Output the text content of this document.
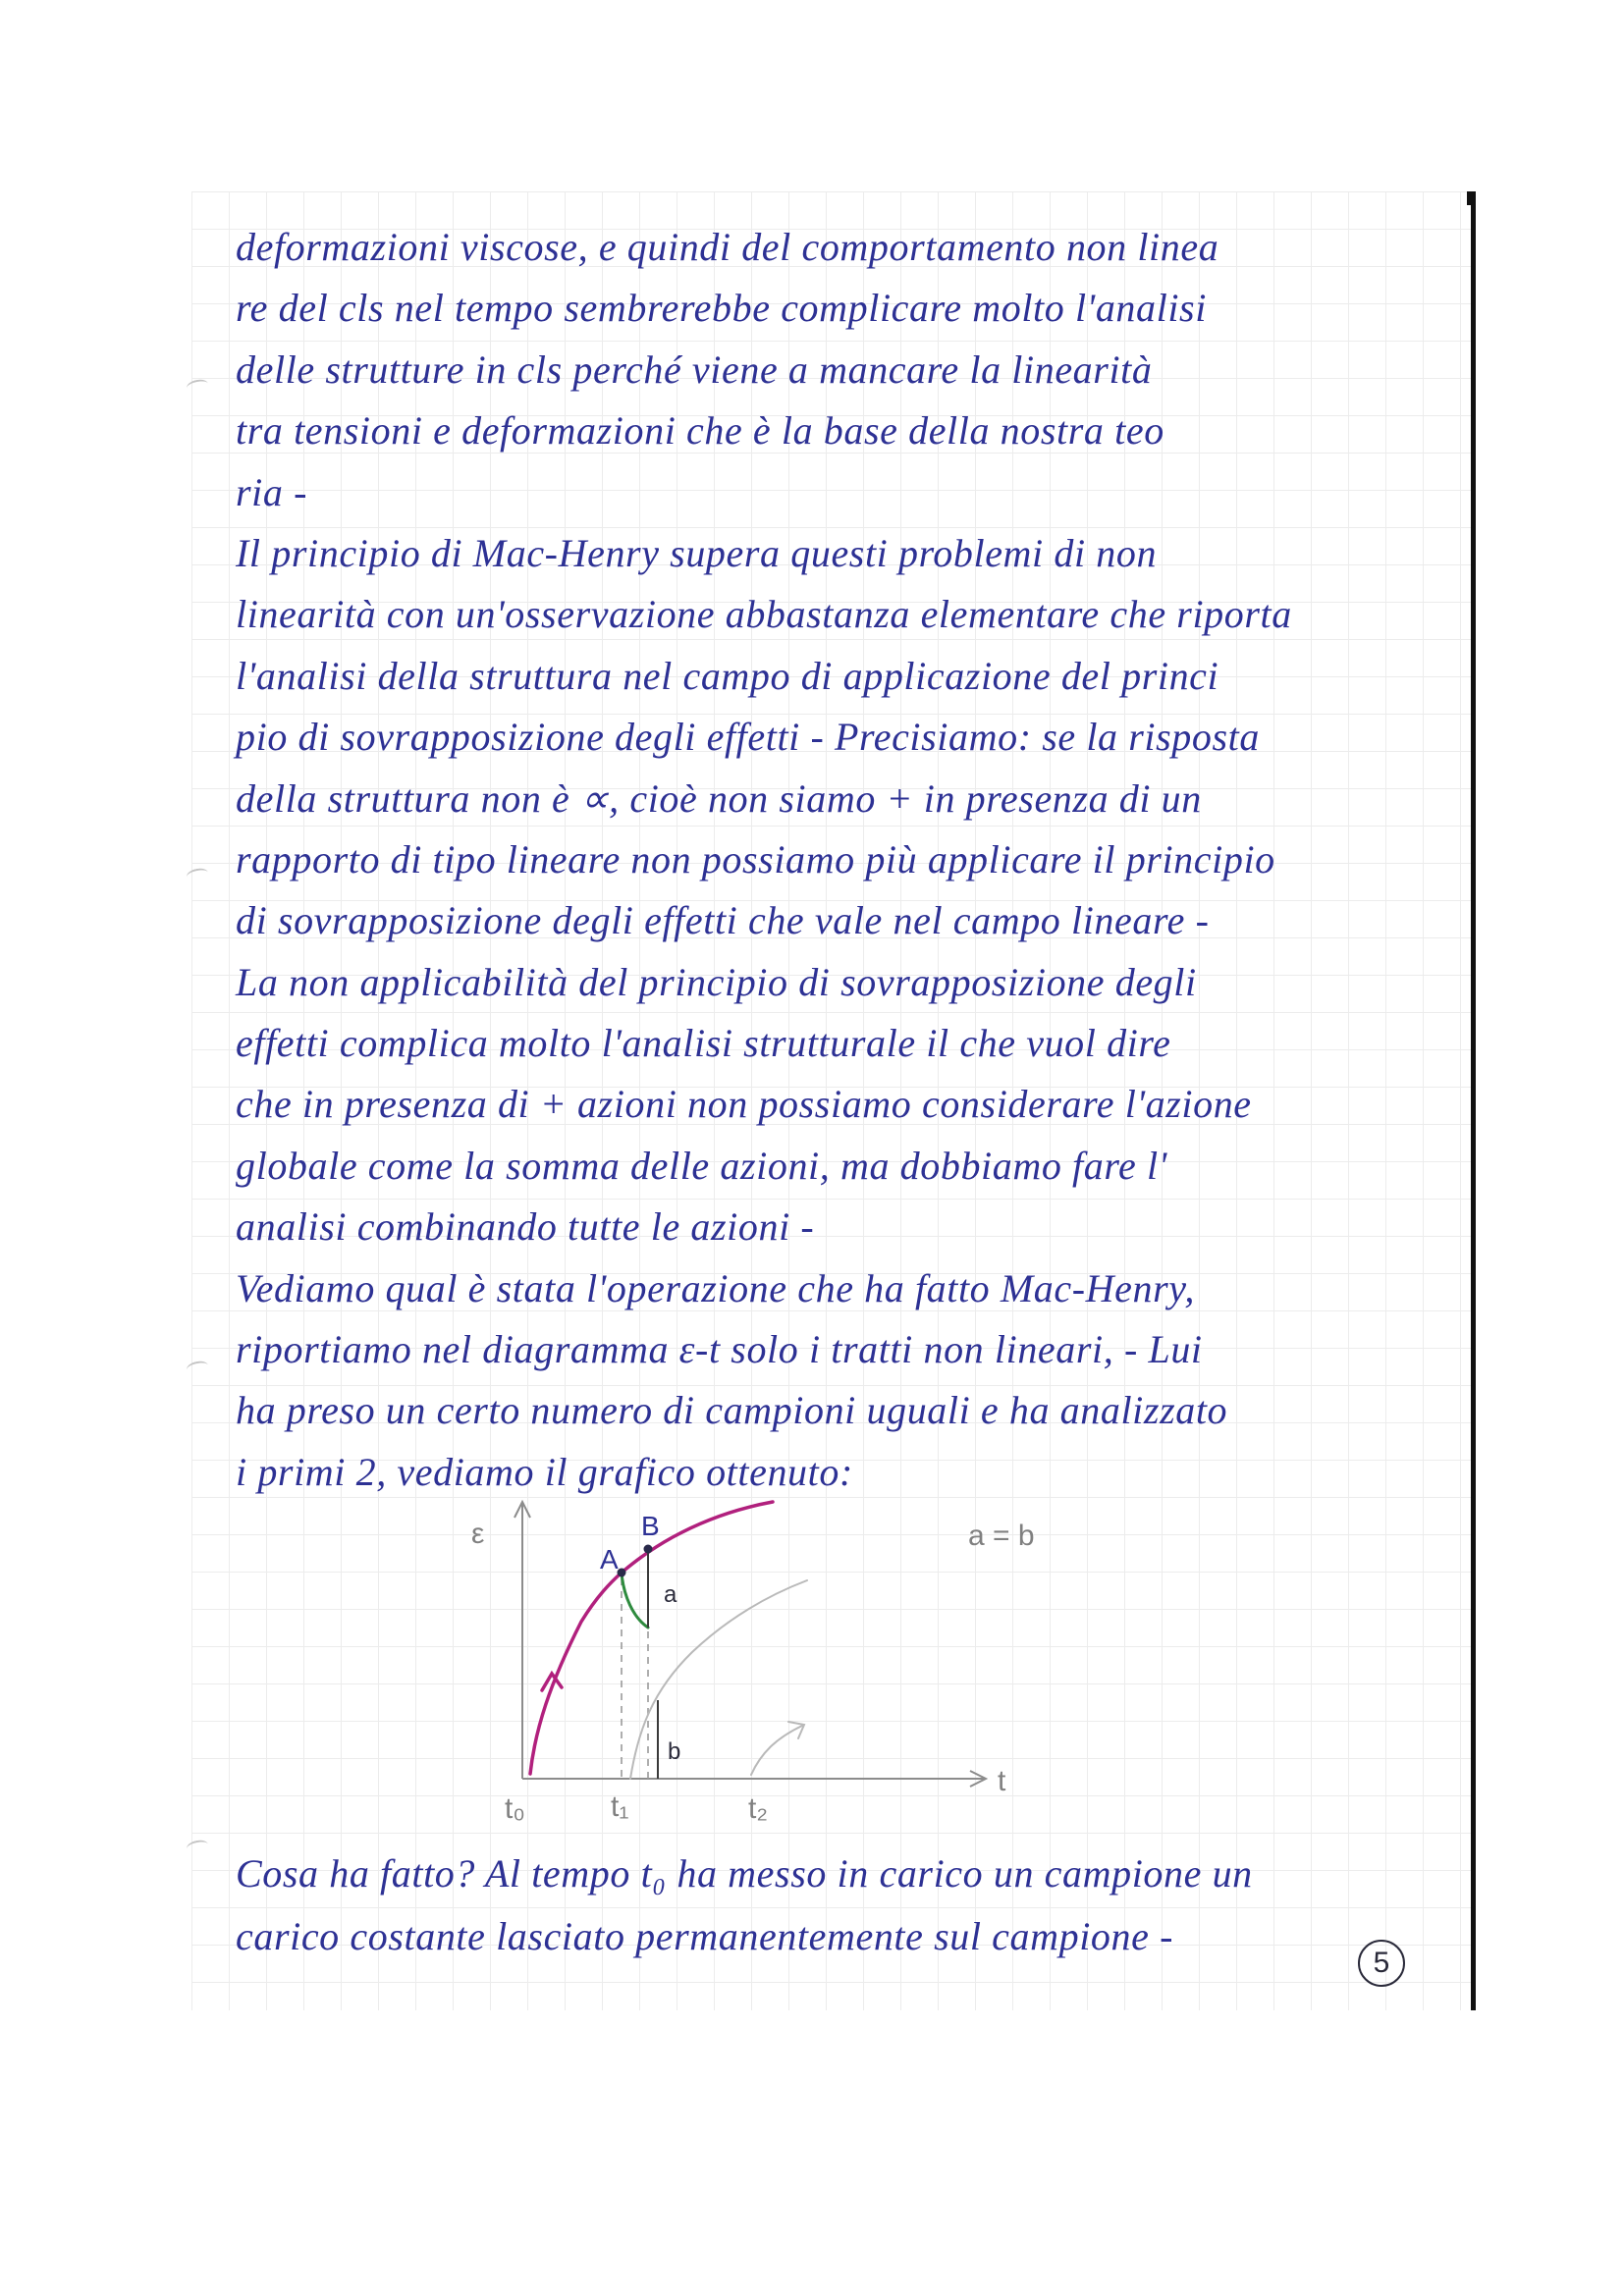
deformazioni viscose, e quindi del comportamento non linea
re del cls nel tempo sembrerebbe complicare molto l'analisi
delle strutture in cls perché viene a mancare la linearità
tra tensioni e deformazioni che è la base della nostra teo
ria -
Il principio di Mac-Henry supera questi problemi di non
linearità con un'osservazione abbastanza elementare che riporta
l'analisi della struttura nel campo di applicazione del princi
pio di sovrapposizione degli effetti - Precisiamo: se la risposta
della struttura non è ∝, cioè non siamo + in presenza di un
rapporto di tipo lineare non possiamo più applicare il principio
di sovrapposizione degli effetti che vale nel campo lineare -
La non applicabilità del principio di sovrapposizione degli
effetti complica molto l'analisi strutturale il che vuol dire
che in presenza di + azioni non possiamo considerare l'azione
globale come la somma delle azioni, ma dobbiamo fare l'
analisi combinando tutte le azioni -
Vediamo qual è stata l'operazione che ha fatto Mac-Henry,
riportiamo nel diagramma ε-t solo i tratti non lineari, - Lui
ha preso un certo numero di campioni uguali e ha analizzato
i primi 2, vediamo il grafico ottenuto:
ε
t
A
B
a
b
a = b
t₀	t₁	t₂
Cosa ha fatto? Al tempo t₀ ha messo in carico un campione un
carico costante lasciato permanentemente sul campione -
5
